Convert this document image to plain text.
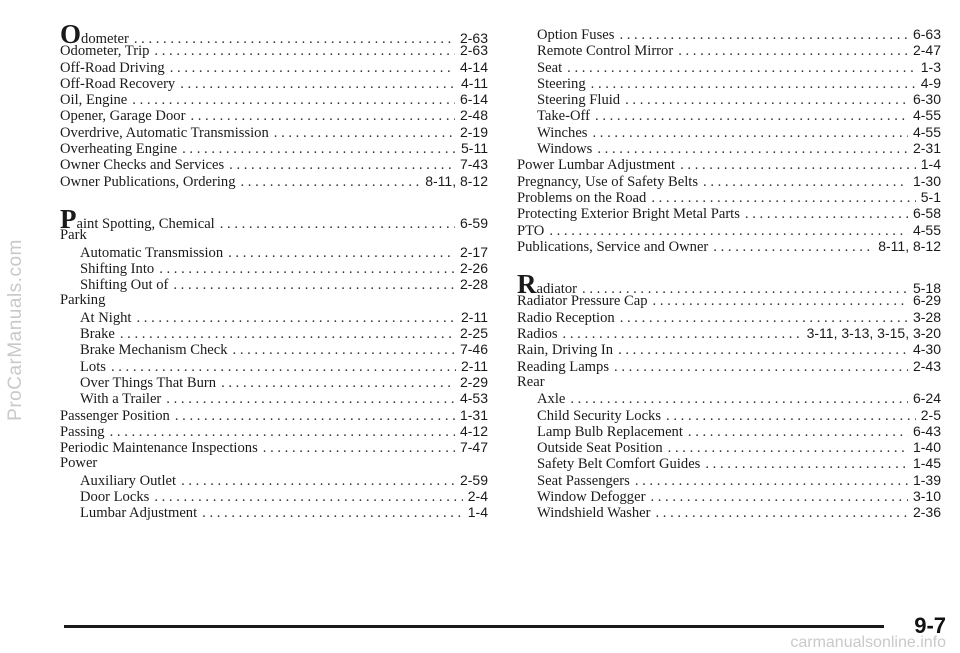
ProCarManuals.com
Odometer . . .	2-63
Odometer, Trip . . .	2-63
Off-Road Driving . . .	4-14
Off-Road Recovery . . .	4-11
Oil, Engine . . .	6-14
Opener, Garage Door . . .	2-48
Overdrive, Automatic Transmission . . .	2-19
Overheating Engine . . .	5-11
Owner Checks and Services . . .	7-43
Owner Publications, Ordering . . .	8-11, 8-12
Paint Spotting, Chemical . . .	6-59
Park
Automatic Transmission . . .	2-17
Shifting Into . . .	2-26
Shifting Out of . . .	2-28
Parking
At Night . . .	2-11
Brake . . .	2-25
Brake Mechanism Check . . .	7-46
Lots . . .	2-11
Over Things That Burn . . .	2-29
With a Trailer . . .	4-53
Passenger Position . . .	1-31
Passing . . .	4-12
Periodic Maintenance Inspections . . .	7-47
Power
Auxiliary Outlet . . .	2-59
Door Locks . . .	2-4
Lumbar Adjustment . . .	1-4
Option Fuses . . .	6-63
Remote Control Mirror . . .	2-47
Seat . . .	1-3
Steering . . .	4-9
Steering Fluid . . .	6-30
Take-Off . . .	4-55
Winches . . .	4-55
Windows . . .	2-31
Power Lumbar Adjustment . . .	1-4
Pregnancy, Use of Safety Belts . . .	1-30
Problems on the Road . . .	5-1
Protecting Exterior Bright Metal Parts . . .	6-58
PTO . . .	4-55
Publications, Service and Owner . . .	8-11, 8-12
Radiator . . .	5-18
Radiator Pressure Cap . . .	6-29
Radio Reception . . .	3-28
Radios . . .	3-11, 3-13, 3-15, 3-20
Rain, Driving In . . .	4-30
Reading Lamps . . .	2-43
Rear
Axle . . .	6-24
Child Security Locks . . .	2-5
Lamp Bulb Replacement . . .	6-43
Outside Seat Position . . .	1-40
Safety Belt Comfort Guides . . .	1-45
Seat Passengers . . .	1-39
Window Defogger . . .	3-10
Windshield Washer . . .	2-36
9-7
carmanualsonline.info
